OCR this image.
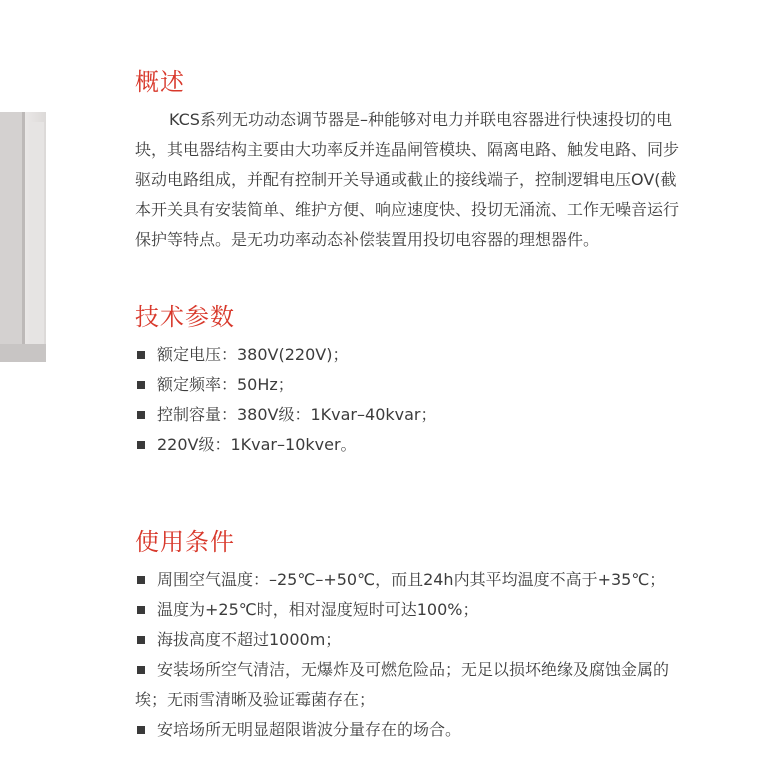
概述
KCS系列无功动态调节器是–种能够对电力并联电容器进行快速投切的电
块，其电器结构主要由大功率反并连晶闸管模块、隔离电路、触发电路、同步
驱动电路组成，并配有控制开关导通或截止的接线端子，控制逻辑电压OV(截
本开关具有安装简单、维护方便、响应速度快、投切无涌流、工作无噪音运行
保护等特点。是无功功率动态补偿装置用投切电容器的理想器件。
技术参数
额定电压：380V(220V)；
额定频率：50Hz；
控制容量：380V级：1Kvar–40kvar；
220V级：1Kvar–10kver。
使用条件
周围空气温度：–25℃–+50℃，而且24h内其平均温度不高于+35℃；
温度为+25℃时，相对湿度短时可达100%；
海拔高度不超过1000m；
安装场所空气清洁，无爆炸及可燃危险品；无足以损坏绝缘及腐蚀金属的
埃；无雨雪清晰及验证霉菌存在；
安培场所无明显超限谐波分量存在的场合。
